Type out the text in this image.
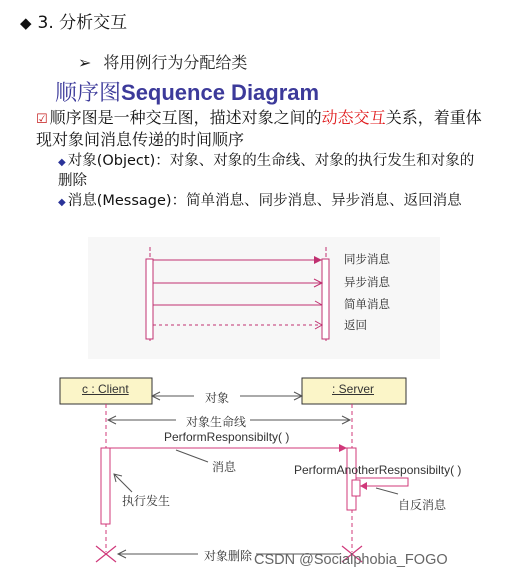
◆ 3. 分析交互
➢ 将用例行为分配给类
顺序图Sequence Diagram
☑ 顺序图是一种交互图，描述对象之间的动态交互关系，着重体现对象间消息传递的时间顺序
◆ 对象(Object)：对象、对象的生命线、对象的执行发生和对象的删除
◆ 消息(Message)：简单消息、同步消息、异步消息、返回消息
同步消息
异步消息
简单消息
返回
c : Client	: Server
对象
对象生命线
PerformResponsibilty( )
消息	PerformAnotherResponsibilty( )
执行发生	自反消息
对象删除 CSDN @Socialphobia_FOGO
